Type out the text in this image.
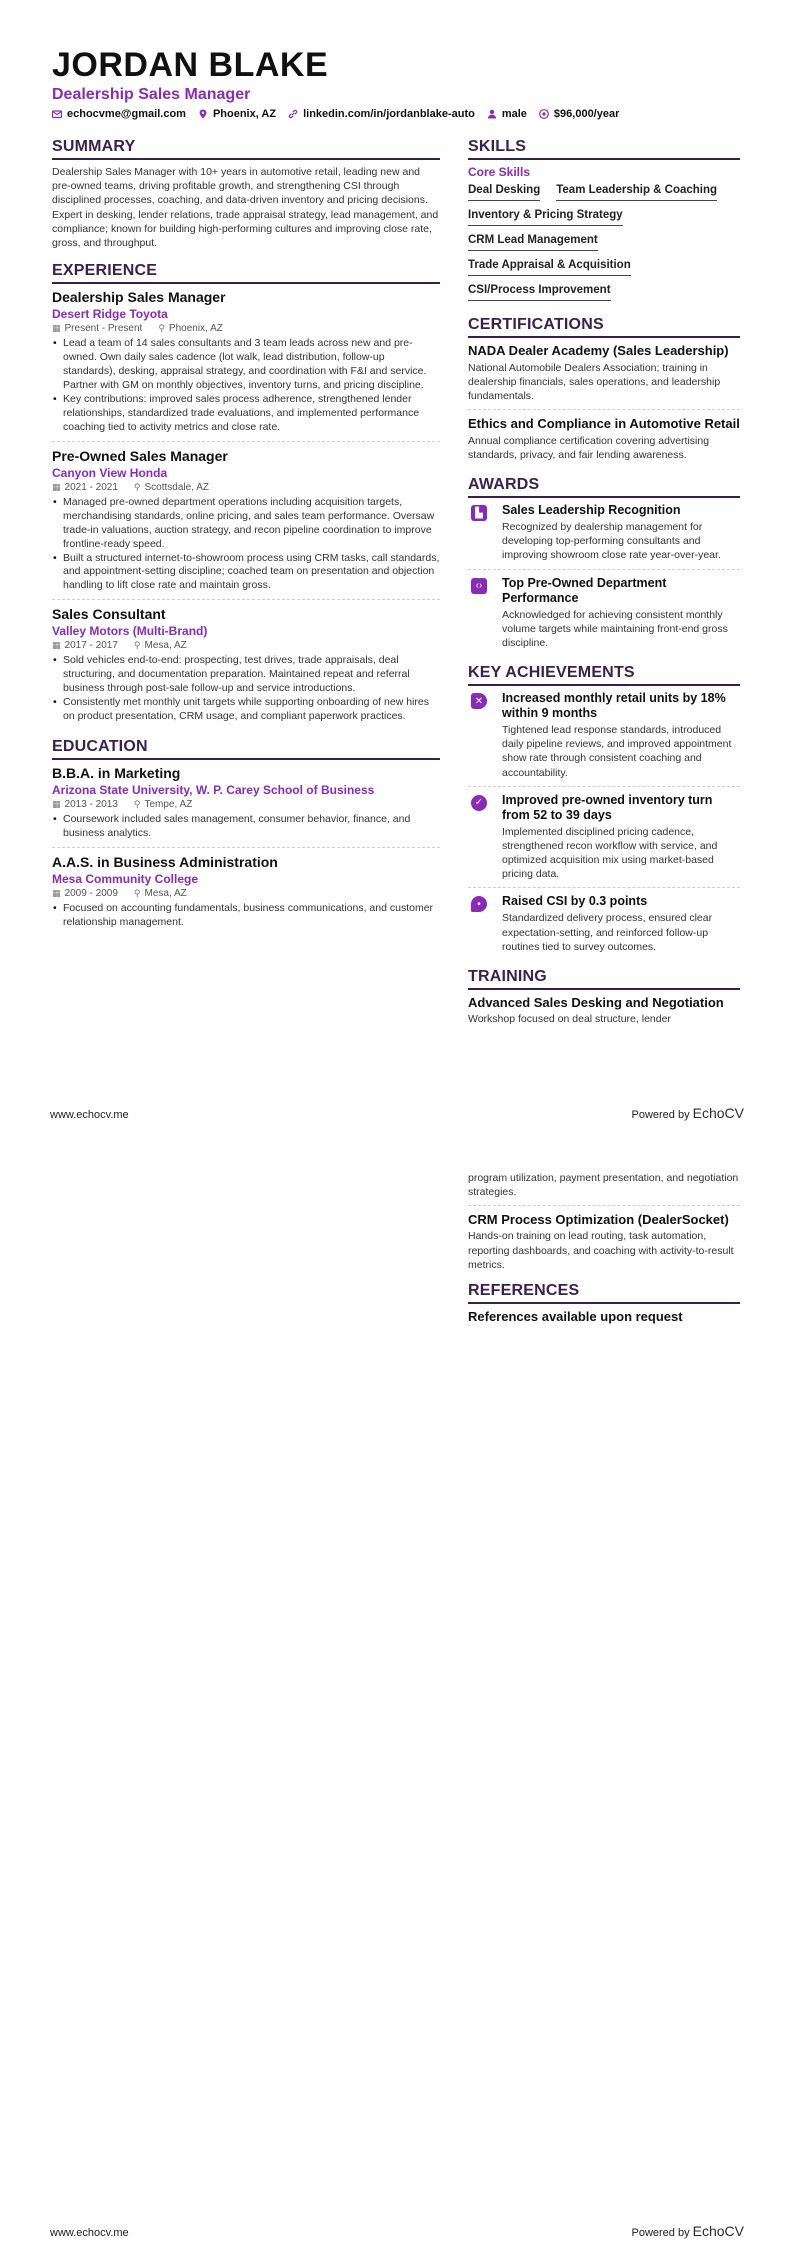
JORDAN BLAKE
Dealership Sales Manager
echocvme@gmail.com Phoenix, AZ linkedin.com/in/jordanblake-auto male $96,000/year
SUMMARY

Dealership Sales Manager with 10+ years in automotive retail, leading new and pre-owned teams, driving profitable growth, and strengthening CSI through disciplined processes, coaching, and data-driven inventory and pricing decisions.

Expert in desking, lender relations, trade appraisal strategy, lead management, and compliance; known for building high-performing cultures and improving close rate, gross, and throughput.

EXPERIENCE
Dealership Sales Manager
Desert Ridge Toyota
▦ Present - Present ⚲ Phoenix, AZ
• Lead a team of 14 sales consultants and 3 team leads across new and pre-owned. Own daily sales cadence (lot walk, lead distribution, follow-up standards), desking, appraisal strategy, and coordination with F&I and service. Partner with GM on monthly objectives, inventory turns, and pricing discipline.
• Key contributions: improved sales process adherence, strengthened lender relationships, standardized trade evaluations, and implemented performance coaching tied to activity metrics and close rate.
Pre-Owned Sales Manager
Canyon View Honda
▦ 2021 - 2021 ⚲ Scottsdale, AZ
• Managed pre-owned department operations including acquisition targets, merchandising standards, online pricing, and sales team performance. Oversaw trade-in valuations, auction strategy, and recon pipeline coordination to improve frontline-ready speed.
• Built a structured internet-to-showroom process using CRM tasks, call standards, and appointment-setting discipline; coached team on presentation and objection handling to lift close rate and maintain gross.
Sales Consultant
Valley Motors (Multi-Brand)
▦ 2017 - 2017 ⚲ Mesa, AZ
• Sold vehicles end-to-end: prospecting, test drives, trade appraisals, deal structuring, and documentation preparation. Maintained repeat and referral business through post-sale follow-up and service introductions.
• Consistently met monthly unit targets while supporting onboarding of new hires on product presentation, CRM usage, and compliant paperwork practices.
EDUCATION
B.B.A. in Marketing
Arizona State University, W. P. Carey School of Business
▦ 2013 - 2013 ⚲ Tempe, AZ
• Coursework included sales management, consumer behavior, finance, and business analytics.
A.A.S. in Business Administration
Mesa Community College
▦ 2009 - 2009 ⚲ Mesa, AZ
• Focused on accounting fundamentals, business communications, and customer relationship management.
SKILLS
Core Skills
Deal Desking Team Leadership & Coaching
Inventory & Pricing Strategy
CRM Lead Management
Trade Appraisal & Acquisition
CSI/Process Improvement
CERTIFICATIONS
NADA Dealer Academy (Sales Leadership)

National Automobile Dealers Association; training in dealership financials, sales operations, and leadership fundamentals.

Ethics and Compliance in Automotive Retail

Annual compliance certification covering advertising standards, privacy, and fair lending awareness.

AWARDS
▙	Sales Leadership Recognition

Recognized by dealership management for developing top-performing consultants and improving showroom close rate year-over-year.

‹›	Top Pre-Owned Department Performance

Acknowledged for achieving consistent monthly volume targets while maintaining front-end gross discipline.

KEY ACHIEVEMENTS
✕	Increased monthly retail units by 18% within 9 months

Tightened lead response standards, introduced daily pipeline reviews, and improved appointment show rate through consistent coaching and accountability.

✓	Improved pre-owned inventory turn from 52 to 39 days

Implemented disciplined pricing cadence, strengthened recon workflow with service, and optimized acquisition mix using market-based pricing data.

•	Raised CSI by 0.3 points

Standardized delivery process, ensured clear expectation-setting, and reinforced follow-up routines tied to survey outcomes.

TRAINING
Advanced Sales Desking and Negotiation

Workshop focused on deal structure, lender

www.echocv.me	Powered by EchoCV

program utilization, payment presentation, and negotiation strategies.

CRM Process Optimization (DealerSocket)

Hands-on training on lead routing, task automation, reporting dashboards, and coaching with activity-to-result metrics.

REFERENCES
References available upon request
www.echocv.me	Powered by EchoCV
